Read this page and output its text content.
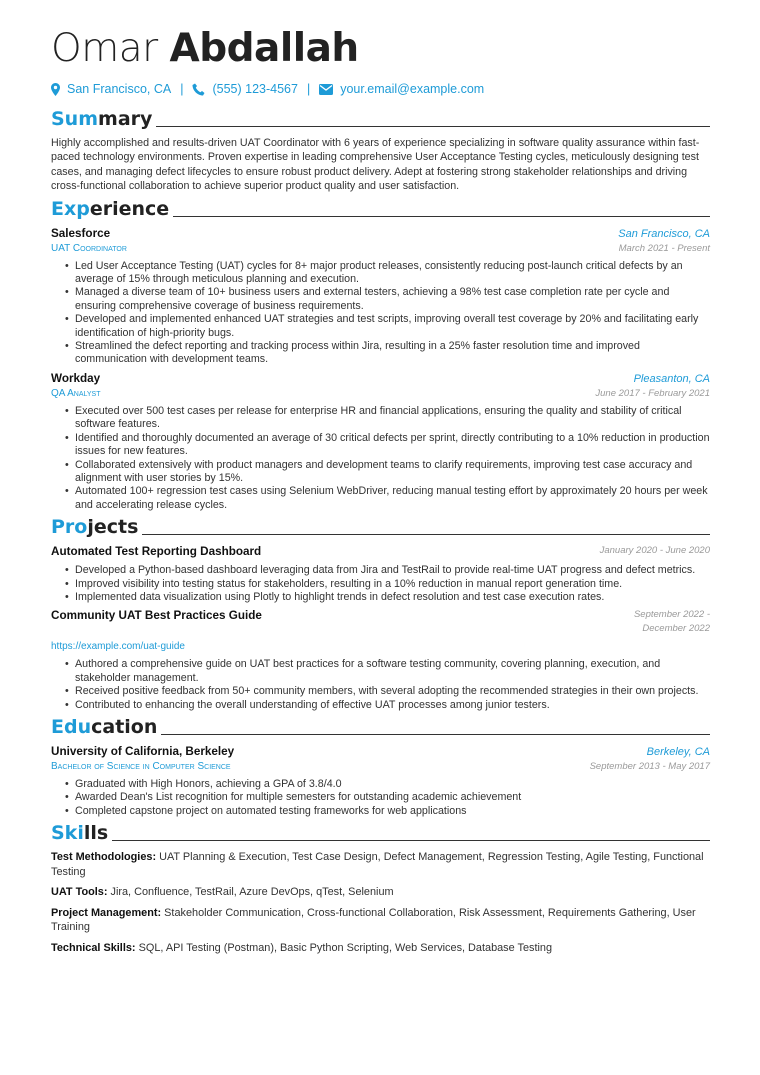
Omar Abdallah
San Francisco, CA | (555) 123-4567 | your.email@example.com
Summary
Highly accomplished and results-driven UAT Coordinator with 6 years of experience specializing in software quality assurance within fast-paced technology environments. Proven expertise in leading comprehensive User Acceptance Testing cycles, meticulously designing test cases, and managing defect lifecycles to ensure robust product delivery. Adept at fostering strong stakeholder relationships and driving cross-functional collaboration to achieve superior product quality and user satisfaction.
Experience
Salesforce	San Francisco, CA
UAT Coordinator	March 2021 - Present
• Led User Acceptance Testing (UAT) cycles for 8+ major product releases, consistently reducing post-launch critical defects by an average of 15% through meticulous planning and execution.
• Managed a diverse team of 10+ business users and external testers, achieving a 98% test case completion rate per cycle and ensuring comprehensive coverage of business requirements.
• Developed and implemented enhanced UAT strategies and test scripts, improving overall test coverage by 20% and facilitating early identification of high-priority bugs.
• Streamlined the defect reporting and tracking process within Jira, resulting in a 25% faster resolution time and improved communication with development teams.
Workday	Pleasanton, CA
QA Analyst	June 2017 - February 2021
• Executed over 500 test cases per release for enterprise HR and financial applications, ensuring the quality and stability of critical software features.
• Identified and thoroughly documented an average of 30 critical defects per sprint, directly contributing to a 10% reduction in production issues for new features.
• Collaborated extensively with product managers and development teams to clarify requirements, improving test case accuracy and alignment with user stories by 15%.
• Automated 100+ regression test cases using Selenium WebDriver, reducing manual testing effort by approximately 20 hours per week and accelerating release cycles.
Projects
Automated Test Reporting Dashboard	January 2020 - June 2020
• Developed a Python-based dashboard leveraging data from Jira and TestRail to provide real-time UAT progress and defect metrics.
• Improved visibility into testing status for stakeholders, resulting in a 10% reduction in manual report generation time.
• Implemented data visualization using Plotly to highlight trends in defect resolution and test case execution rates.
Community UAT Best Practices Guide	September 2022 - December 2022
https://example.com/uat-guide
• Authored a comprehensive guide on UAT best practices for a software testing community, covering planning, execution, and stakeholder management.
• Received positive feedback from 50+ community members, with several adopting the recommended strategies in their own projects.
• Contributed to enhancing the overall understanding of effective UAT processes among junior testers.
Education
University of California, Berkeley	Berkeley, CA
Bachelor of Science in Computer Science	September 2013 - May 2017
• Graduated with High Honors, achieving a GPA of 3.8/4.0
• Awarded Dean's List recognition for multiple semesters for outstanding academic achievement
• Completed capstone project on automated testing frameworks for web applications
Skills
Test Methodologies: UAT Planning & Execution, Test Case Design, Defect Management, Regression Testing, Agile Testing, Functional Testing
UAT Tools: Jira, Confluence, TestRail, Azure DevOps, qTest, Selenium
Project Management: Stakeholder Communication, Cross-functional Collaboration, Risk Assessment, Requirements Gathering, User Training
Technical Skills: SQL, API Testing (Postman), Basic Python Scripting, Web Services, Database Testing
